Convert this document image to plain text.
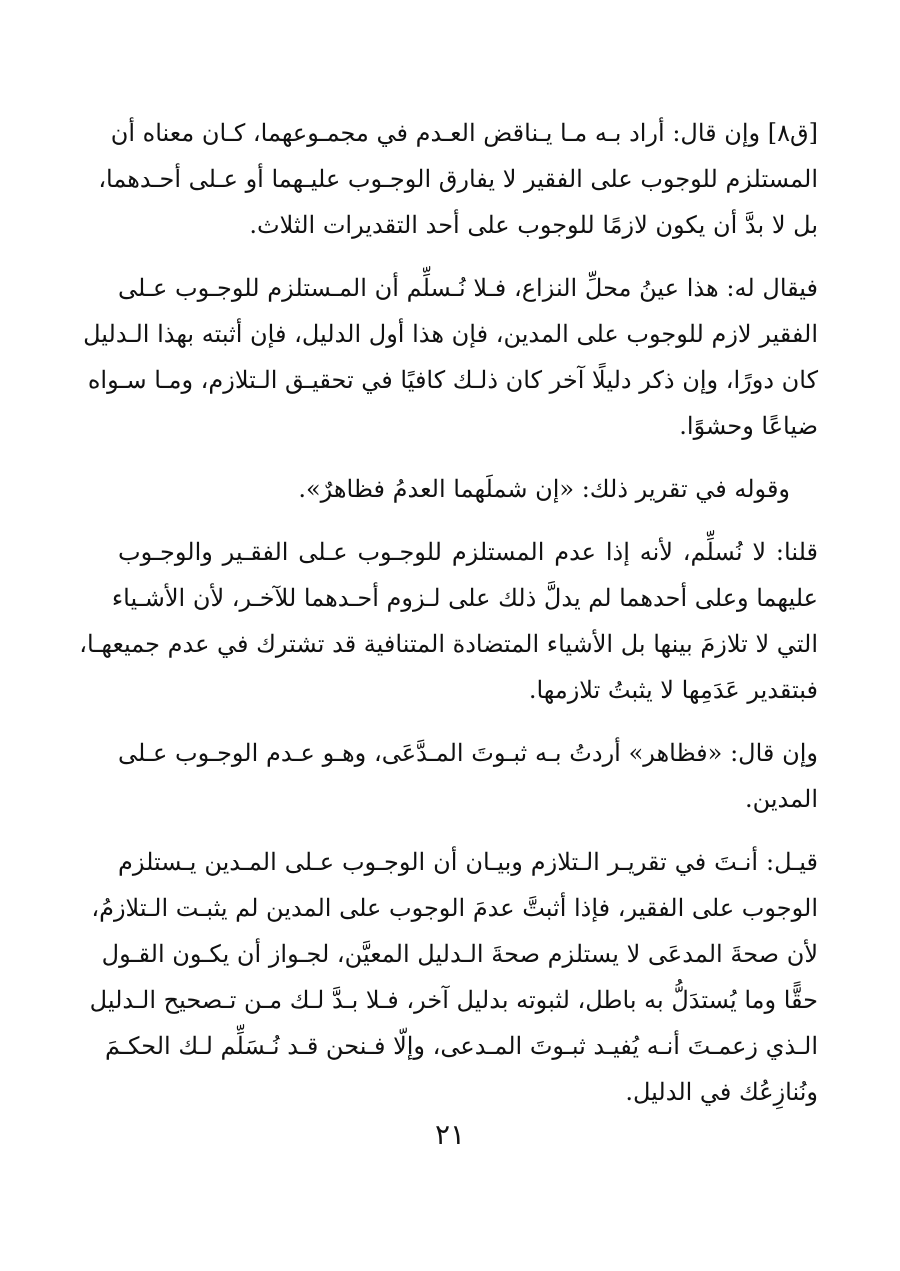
[ق٨] وإن قال: أراد بـه مـا يـناقض العـدم في مجمـوعهما، كـان معناه أن
المستلزم للوجوب على الفقير لا يفارق الوجـوب عليـهما أو عـلى أحـدهما،
بل لا بدَّ أن يكون لازمًا للوجوب على أحد التقديرات الثلاث.

فيقال له: هذا عينُ محلِّ النزاع، فـلا نُـسلِّم أن المـستلزم للوجـوب عـلى
الفقير لازم للوجوب على المدين، فإن هذا أول الدليل، فإن أثبته بهذا الـدليل
كان دورًا، وإن ذكر دليلًا آخر كان ذلـك كافيًا في تحقيـق الـتلازم، ومـا سـواه
ضياعًا وحشوًا.

وقوله في تقرير ذلك: «إن شملَهما العدمُ فظاهرٌ».

قلنا: لا نُسلِّم، لأنه إذا عدم المستلزم للوجـوب عـلى الفقـير والوجـوب
عليهما وعلى أحدهما لم يدلَّ ذلك على لـزوم أحـدهما للآخـر، لأن الأشـياء
التي لا تلازمَ بينها بل الأشياء المتضادة المتنافية قد تشترك في عدم جميعهـا،
فبتقدير عَدَمِها لا يثبتُ تلازمها.

وإن قال: «فظاهر» أردتُ بـه ثبـوتَ المـدَّعَى، وهـو عـدم الوجـوب عـلى
المدين.

قيـل: أنـتَ في تقريـر الـتلازم وبيـان أن الوجـوب عـلى المـدين يـستلزم
الوجوب على الفقير، فإذا أثبتَّ عدمَ الوجوب على المدين لم يثبـت الـتلازمُ،
لأن صحةَ المدعَى لا يستلزم صحةَ الـدليل المعيَّن، لجـواز أن يكـون القـول
حقًّا وما يُستدَلُّ به باطل، لثبوته بدليل آخر، فـلا بـدَّ لـك مـن تـصحيح الـدليل
الـذي زعمـتَ أنـه يُفيـد ثبـوتَ المـدعى، وإلّا فـنحن قـد نُـسَلِّم لـك الحكـمَ
ونُنازِعُك في الدليل.

٢١
